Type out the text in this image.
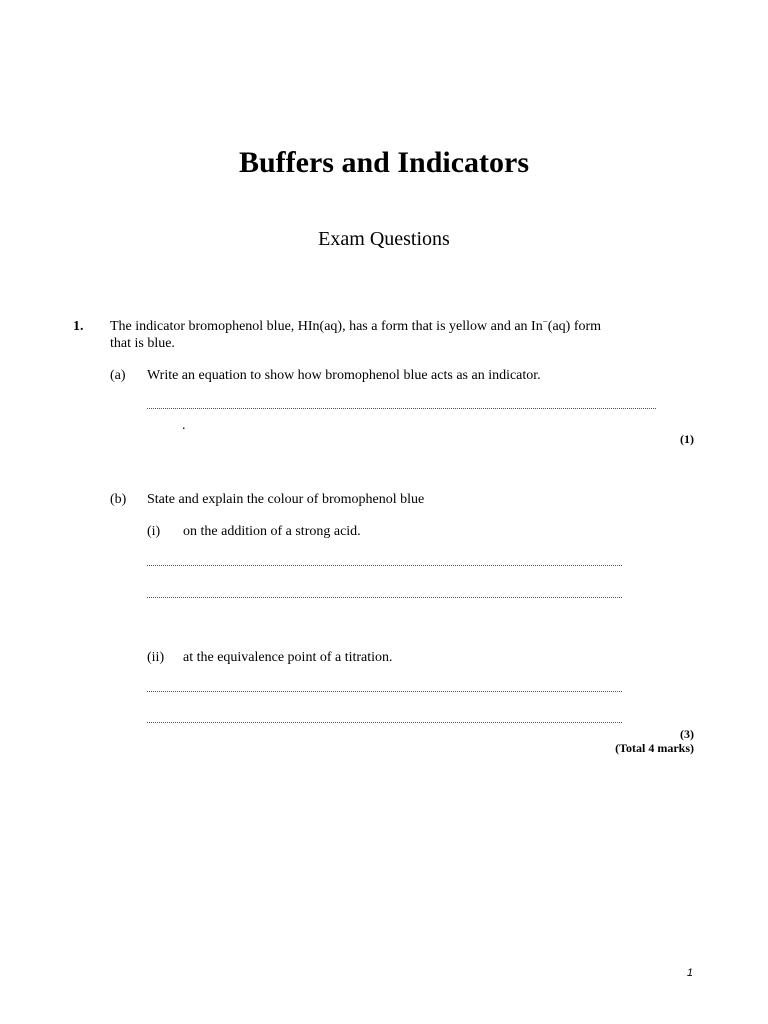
Buffers and Indicators
Exam Questions
1. The indicator bromophenol blue, HIn(aq), has a form that is yellow and an In−(aq) form
that is blue.
(a) Write an equation to show how bromophenol blue acts as an indicator.
.
(1)
(b) State and explain the colour of bromophenol blue
(i) on the addition of a strong acid.
(ii) at the equivalence point of a titration.
(3)
(Total 4 marks)
1
